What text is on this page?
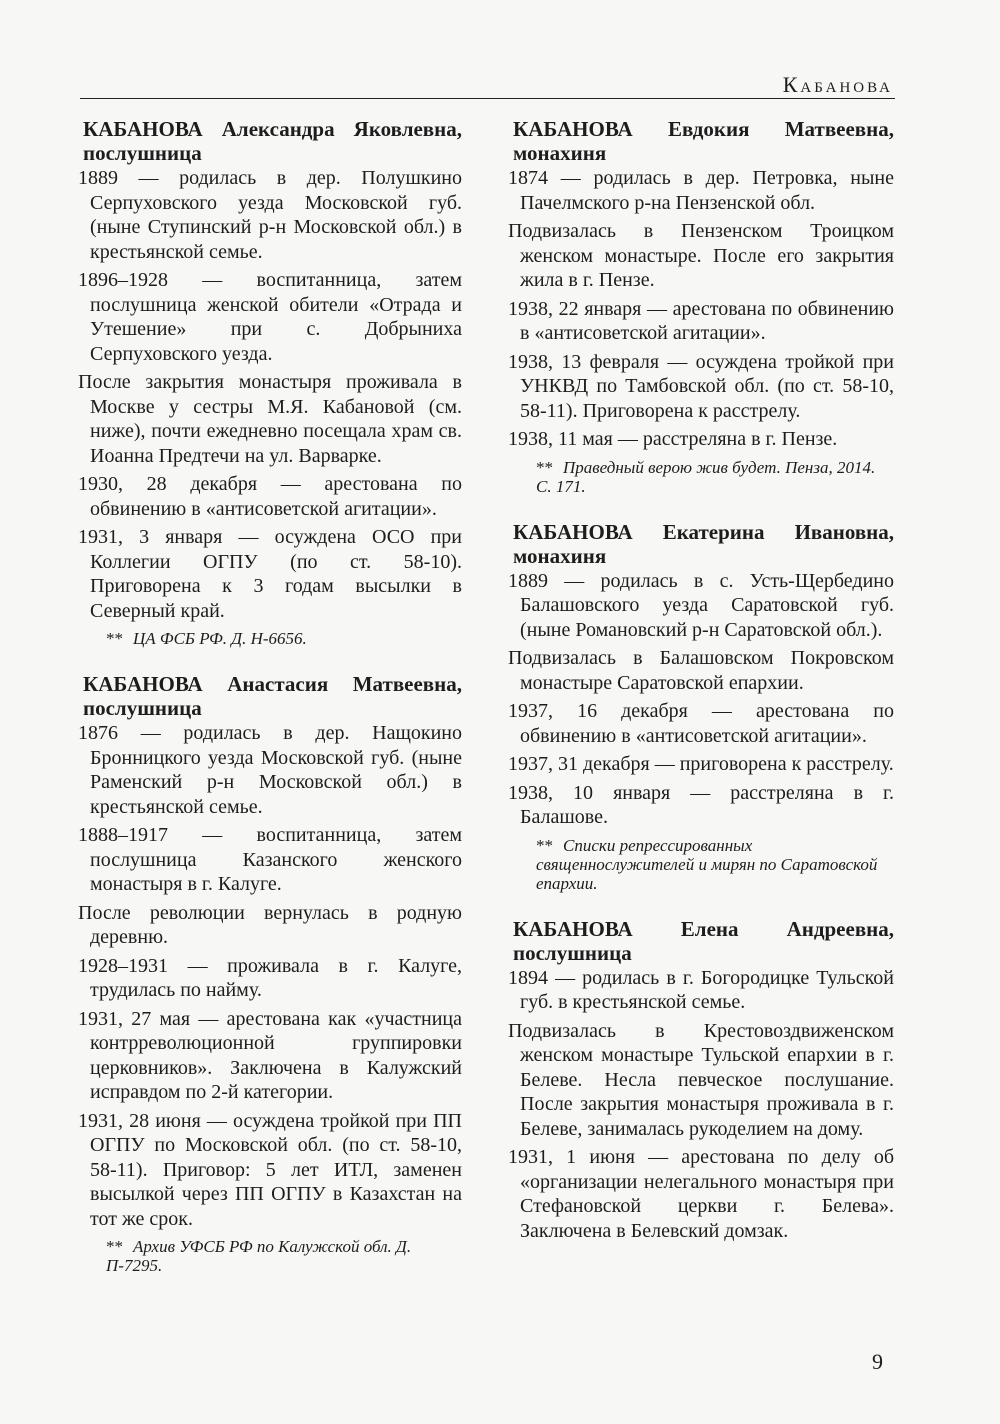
Кабанова
КАБАНОВА Александра Яковлевна, послушница

1889 — родилась в дер. Полушкино Серпуховского уезда Московской губ. (ныне Ступинский р-н Московской обл.) в крестьянской семье.

1896–1928 — воспитанница, затем послушница женской обители «Отрада и Утешение» при с. Добрыниха Серпуховского уезда.

После закрытия монастыря проживала в Москве у сестры М.Я. Кабановой (см. ниже), почти ежедневно посещала храм св. Иоанна Предтечи на ул. Варварке.

1930, 28 декабря — арестована по обвинению в «антисоветской агитации».

1931, 3 января — осуждена ОСО при Коллегии ОГПУ (по ст. 58-10). Приговорена к 3 годам высылки в Северный край.

** ЦА ФСБ РФ. Д. Н-6656.

КАБАНОВА Анастасия Матвеевна, послушница

1876 — родилась в дер. Нащокино Бронницкого уезда Московской губ. (ныне Раменский р-н Московской обл.) в крестьянской семье.

1888–1917 — воспитанница, затем послушница Казанского женского монастыря в г. Калуге.

После революции вернулась в родную деревню.

1928–1931 — проживала в г. Калуге, трудилась по найму.

1931, 27 мая — арестована как «участница контрреволюционной группировки церковников». Заключена в Калужский исправдом по 2-й категории.

1931, 28 июня — осуждена тройкой при ПП ОГПУ по Московской обл. (по ст. 58-10, 58-11). Приговор: 5 лет ИТЛ, заменен высылкой через ПП ОГПУ в Казахстан на тот же срок.

** Архив УФСБ РФ по Калужской обл. Д. П-7295.

КАБАНОВА Евдокия Матвеевна, монахиня

1874 — родилась в дер. Петровка, ныне Пачелмского р-на Пензенской обл.

Подвизалась в Пензенском Троицком женском монастыре. После его закрытия жила в г. Пензе.

1938, 22 января — арестована по обвинению в «антисоветской агитации».

1938, 13 февраля — осуждена тройкой при УНКВД по Тамбовской обл. (по ст. 58-10, 58-11). Приговорена к расстрелу.

1938, 11 мая — расстреляна в г. Пензе.

** Праведный верою жив будет. Пенза, 2014. С. 171.

КАБАНОВА Екатерина Ивановна, монахиня

1889 — родилась в с. Усть-Щербедино Балашовского уезда Саратовской губ. (ныне Романовский р-н Саратовской обл.).

Подвизалась в Балашовском Покровском монастыре Саратовской епархии.

1937, 16 декабря — арестована по обвинению в «антисоветской агитации».

1937, 31 декабря — приговорена к расстрелу.

1938, 10 января — расстреляна в г. Балашове.

** Списки репрессированных священнослужителей и мирян по Саратовской епархии.

КАБАНОВА Елена Андреевна, послушница

1894 — родилась в г. Богородицке Тульской губ. в крестьянской семье.

Подвизалась в Крестовоздвиженском женском монастыре Тульской епархии в г. Белеве. Несла певческое послушание. После закрытия монастыря проживала в г. Белеве, занималась рукоделием на дому.

1931, 1 июня — арестована по делу об «организации нелегального монастыря при Стефановской церкви г. Белева». Заключена в Белевский домзак.

9
